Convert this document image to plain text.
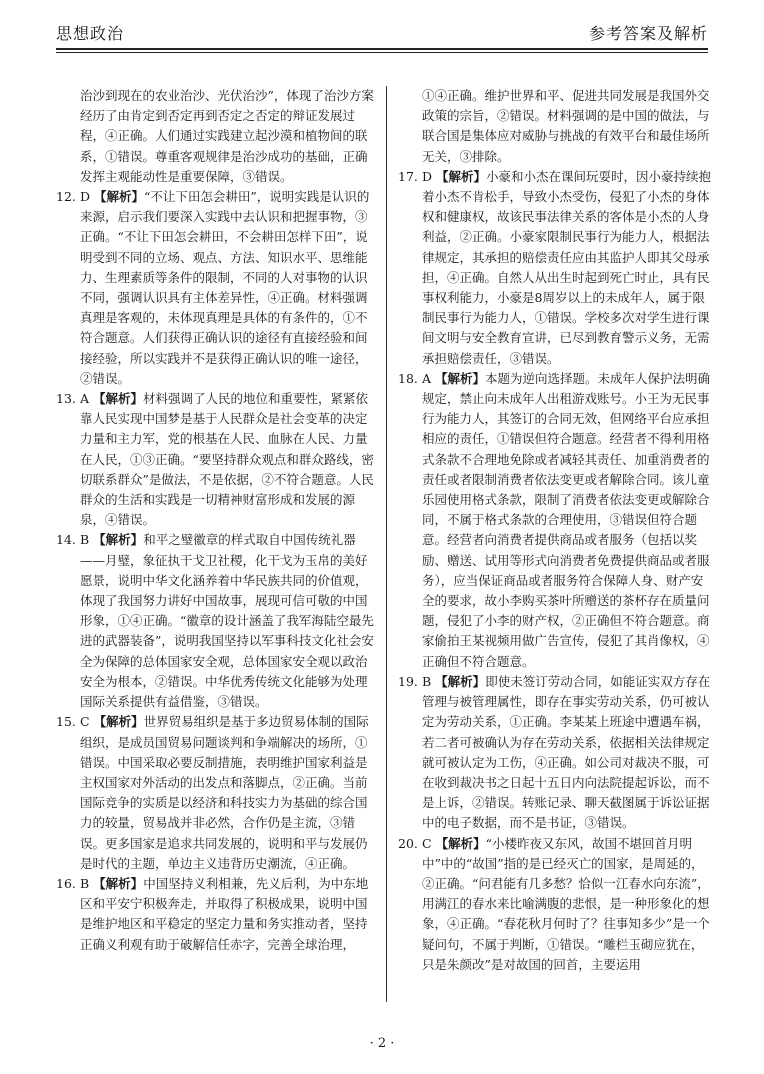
思想政治	参考答案及解析
治沙到现在的农业治沙、光伏治沙”，体现了治沙方案经历了由肯定到否定再到否定之否定的辩证发展过程，④正确。人们通过实践建立起沙漠和植物间的联系，①错误。尊重客观规律是治沙成功的基础，正确发挥主观能动性是重要保障，③错误。
12. D 【解析】“不让下田怎会耕田”，说明实践是认识的来源，启示我们要深入实践中去认识和把握事物，③正确。“不让下田怎会耕田，不会耕田怎样下田”，说明受到不同的立场、观点、方法、知识水平、思维能力、生理素质等条件的限制，不同的人对事物的认识不同，强调认识具有主体差异性，④正确。材料强调真理是客观的，未体现真理是具体的有条件的，①不符合题意。人们获得正确认识的途径有直接经验和间接经验，所以实践并不是获得正确认识的唯一途径，②错误。
13. A 【解析】材料强调了人民的地位和重要性，紧紧依靠人民实现中国梦是基于人民群众是社会变革的决定力量和主力军，党的根基在人民、血脉在人民、力量在人民，①③正确。“要坚持群众观点和群众路线，密切联系群众”是做法，不是依据，②不符合题意。人民群众的生活和实践是一切精神财富形成和发展的源泉，④错误。
14. B 【解析】和平之璧徽章的样式取自中国传统礼器——月璧，象征执干戈卫社稷，化干戈为玉帛的美好愿景，说明中华文化涵养着中华民族共同的价值观，体现了我国努力讲好中国故事，展现可信可敬的中国形象，①④正确。“徽章的设计涵盖了我军海陆空最先进的武器装备”，说明我国坚持以军事科技文化社会安全为保障的总体国家安全观，总体国家安全观以政治安全为根本，②错误。中华优秀传统文化能够为处理国际关系提供有益借鉴，③错误。
15. C 【解析】世界贸易组织是基于多边贸易体制的国际组织，是成员国贸易问题谈判和争端解决的场所，①错误。中国采取必要反制措施，表明维护国家利益是主权国家对外活动的出发点和落脚点，②正确。当前国际竞争的实质是以经济和科技实力为基础的综合国力的较量，贸易战并非必然，合作仍是主流，③错误。更多国家是追求共同发展的，说明和平与发展仍是时代的主题，单边主义违背历史潮流，④正确。
16. B 【解析】中国坚持义利相兼，先义后利，为中东地区和平安宁积极奔走，并取得了积极成果，说明中国是维护地区和平稳定的坚定力量和务实推动者，坚持正确义利观有助于破解信任赤字，完善全球治理，
①④正确。维护世界和平、促进共同发展是我国外交政策的宗旨，②错误。材料强调的是中国的做法，与联合国是集体应对威胁与挑战的有效平台和最佳场所无关，③排除。
17. D 【解析】小豪和小杰在课间玩耍时，因小豪持续抱着小杰不肯松手，导致小杰受伤，侵犯了小杰的身体权和健康权，故该民事法律关系的客体是小杰的人身利益，②正确。小豪家限制民事行为能力人，根据法律规定，其承担的赔偿责任应由其监护人即其父母承担，④正确。自然人从出生时起到死亡时止，具有民事权利能力，小豪是8周岁以上的未成年人，属于限制民事行为能力人，①错误。学校多次对学生进行课间文明与安全教育宣讲，已尽到教育警示义务，无需承担赔偿责任，③错误。
18. A 【解析】本题为逆向选择题。未成年人保护法明确规定，禁止向未成年人出租游戏账号。小王为无民事行为能力人，其签订的合同无效，但网络平台应承担相应的责任，①错误但符合题意。经营者不得利用格式条款不合理地免除或者减轻其责任、加重消费者的责任或者限制消费者依法变更或者解除合同。该儿童乐园使用格式条款，限制了消费者依法变更或解除合同，不属于格式条款的合理使用，③错误但符合题意。经营者向消费者提供商品或者服务（包括以奖励、赠送、试用等形式向消费者免费提供商品或者服务），应当保证商品或者服务符合保障人身、财产安全的要求，故小李购买茶叶所赠送的茶杯存在质量问题，侵犯了小李的财产权，②正确但不符合题意。商家偷拍王某视频用做广告宣传，侵犯了其肖像权，④正确但不符合题意。
19. B 【解析】即使未签订劳动合同，如能证实双方存在管理与被管理属性，即存在事实劳动关系，仍可被认定为劳动关系，①正确。李某某上班途中遭遇车祸，若二者可被确认为存在劳动关系，依据相关法律规定就可被认定为工伤，④正确。如公司对裁决不服，可在收到裁决书之日起十五日内向法院提起诉讼，而不是上诉，②错误。转账记录、聊天截图属于诉讼证据中的电子数据，而不是书证，③错误。
20. C 【解析】“小楼昨夜又东风，故国不堪回首月明中”中的“故国”指的是已经灭亡的国家，是周延的，②正确。“问君能有几多愁？恰似一江春水向东流”，用满江的春水来比喻满腹的悲恨，是一种形象化的想象，④正确。“春花秋月何时了？往事知多少”是一个疑问句，不属于判断，①错误。“雕栏玉砌应犹在，只是朱颜改”是对故国的回首，主要运用
· 2 ·
